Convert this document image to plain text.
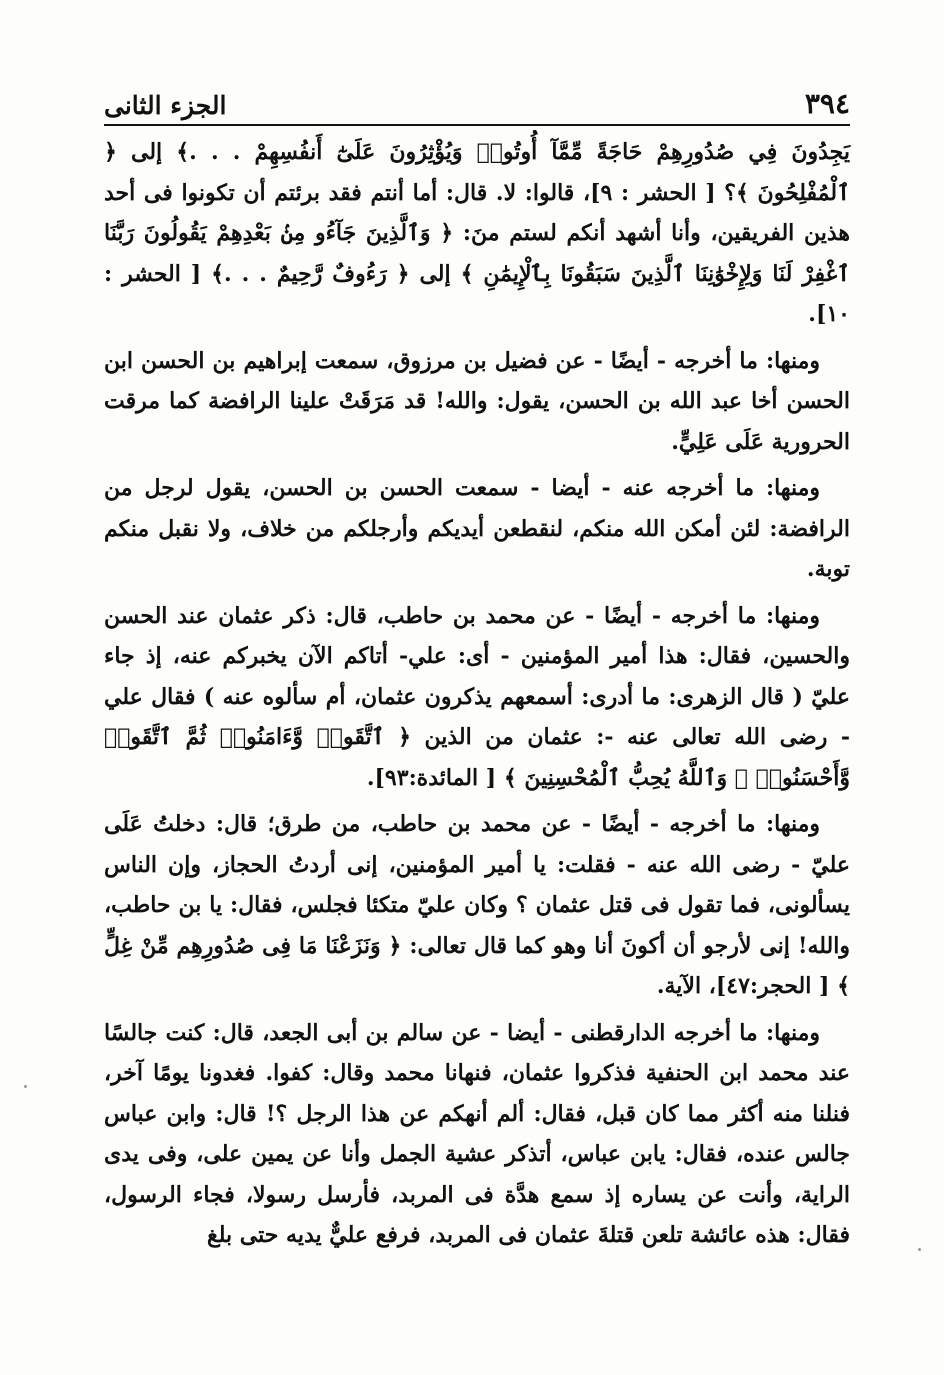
الجزء الثانى	٣٩٤

يَجِدُونَ فِي صُدُورِهِمْ حَاجَةً مِّمَّآ أُوتُوا۟ وَيُؤْثِرُونَ عَلَىٰٓ أَنفُسِهِمْ . . .﴾ إلى ﴿ ٱلْمُفْلِحُونَ ﴾؟ [ الحشر : ٩]، قالوا: لا. قال: أما أنتم فقد برئتم أن تكونوا فى أحد هذين الفريقين، وأنا أشهد أنكم لستم منَ: ﴿ وَٱلَّذِينَ جَآءُو مِنۢ بَعْدِهِمْ يَقُولُونَ رَبَّنَا ٱغْفِرْ لَنَا وَلِإِخْوَٰنِنَا ٱلَّذِينَ سَبَقُونَا بِٱلْإِيمَٰنِ ﴾ إلى ﴿ رَءُوفٌ رَّحِيمٌ . . .﴾ [ الحشر : ١٠].

ومنها: ما أخرجه - أيضًا - عن فضيل بن مرزوق، سمعت إبراهيم بن الحسن ابن الحسن أخا عبد الله بن الحسن، يقول: والله! قد مَرَقَتْ علينا الرافضة كما مرقت الحرورية عَلَى عَلِيٍّ.

ومنها: ما أخرجه عنه - أيضا - سمعت الحسن بن الحسن، يقول لرجل من الرافضة: لئن أمكن الله منكم، لنقطعن أيديكم وأرجلكم من خلاف، ولا نقبل منكم توبة.

ومنها: ما أخرجه - أيضًا - عن محمد بن حاطب، قال: ذكر عثمان عند الحسن والحسين، فقال: هذا أمير المؤمنين - أى: علي- أتاكم الآن يخبركم عنه، إذ جاء عليّ ( قال الزهرى: ما أدرى: أسمعهم يذكرون عثمان، أم سألوه عنه ) فقال علي - رضى الله تعالى عنه -: عثمان من الذين ﴿ ٱتَّقَوا۟ وَّءَامَنُوا۟ ثُمَّ ٱتَّقَوا۟ وَّأَحْسَنُوا۟ ۗ وَٱللَّهُ يُحِبُّ ٱلْمُحْسِنِينَ ﴾ [ المائدة:٩٣].

ومنها: ما أخرجه - أيضًا - عن محمد بن حاطب، من طرق؛ قال: دخلتُ عَلَى عليّ - رضى الله عنه - فقلت: يا أمير المؤمنين، إنى أردتُ الحجاز، وإن الناس يسألونى، فما تقول فى قتل عثمان ؟ وكان عليّ متكئا فجلس، فقال: يا بن حاطب، والله! إنى لأرجو أن أكونَ أنا وهو كما قال تعالى: ﴿ وَنَزَعْنَا مَا فِى صُدُورِهِم مِّنْ غِلٍّ ﴾ [ الحجر:٤٧]، الآية.

ومنها: ما أخرجه الدارقطنى - أيضا - عن سالم بن أبى الجعد، قال: كنت جالسًا عند محمد ابن الحنفية فذكروا عثمان، فنهانا محمد وقال: كفوا. فغدونا يومًا آخر، فنلنا منه أكثر مما كان قبل، فقال: ألم أنهكم عن هذا الرجل ؟! قال: وابن عباس جالس عنده، فقال: يابن عباس، أتذكر عشية الجمل وأنا عن يمين على، وفى يدى الراية، وأنت عن يساره إذ سمع هدَّة فى المربد، فأرسل رسولا، فجاء الرسول، فقال: هذه عائشة تلعن قتلةَ عثمان فى المربد، فرفع عليٌّ يديه حتى بلغ
